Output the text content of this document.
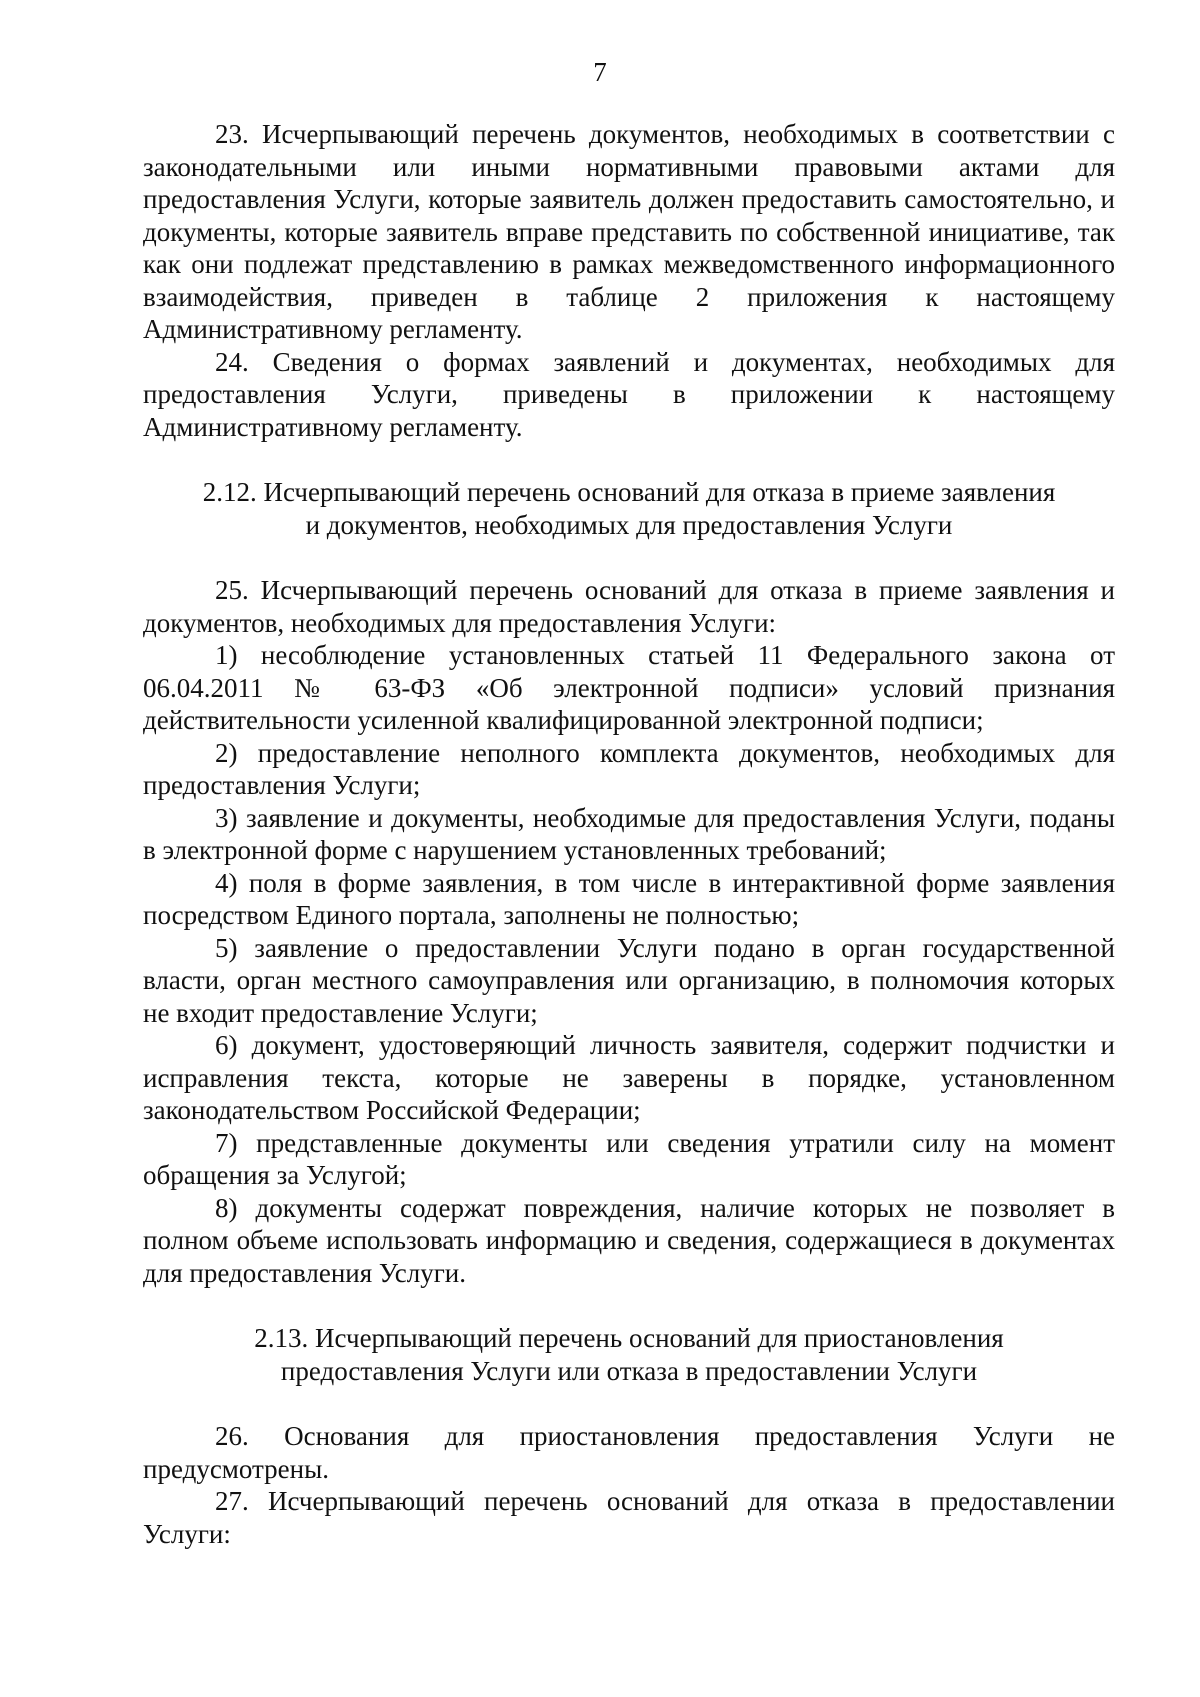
7

23. Исчерпывающий перечень документов, необходимых в соответствии с законодательными или иными нормативными правовыми актами для предоставления Услуги, которые заявитель должен предоставить самостоятельно, и документы, которые заявитель вправе представить по собственной инициативе, так как они подлежат представлению в рамках межведомственного информационного взаимодействия, приведен в таблице 2 приложения к настоящему Административному регламенту.

24. Сведения о формах заявлений и документах, необходимых для предоставления Услуги, приведены в приложении к настоящему Административному регламенту.

2.12. Исчерпывающий перечень оснований для отказа в приеме заявления
и документов, необходимых для предоставления Услуги

25. Исчерпывающий перечень оснований для отказа в приеме заявления и документов, необходимых для предоставления Услуги:

1) несоблюдение установленных статьей 11 Федерального закона от 06.04.2011 № 63-ФЗ «Об электронной подписи» условий признания действительности усиленной квалифицированной электронной подписи;

2) предоставление неполного комплекта документов, необходимых для предоставления Услуги;

3) заявление и документы, необходимые для предоставления Услуги, поданы в электронной форме с нарушением установленных требований;

4) поля в форме заявления, в том числе в интерактивной форме заявления посредством Единого портала, заполнены не полностью;

5) заявление о предоставлении Услуги подано в орган государственной власти, орган местного самоуправления или организацию, в полномочия которых не входит предоставление Услуги;

6) документ, удостоверяющий личность заявителя, содержит подчистки и исправления текста, которые не заверены в порядке, установленном законодательством Российской Федерации;

7) представленные документы или сведения утратили силу на момент обращения за Услугой;

8) документы содержат повреждения, наличие которых не позволяет в полном объеме использовать информацию и сведения, содержащиеся в документах для предоставления Услуги.

2.13. Исчерпывающий перечень оснований для приостановления
предоставления Услуги или отказа в предоставлении Услуги

26. Основания для приостановления предоставления Услуги не предусмотрены.

27. Исчерпывающий перечень оснований для отказа в предоставлении Услуги:
